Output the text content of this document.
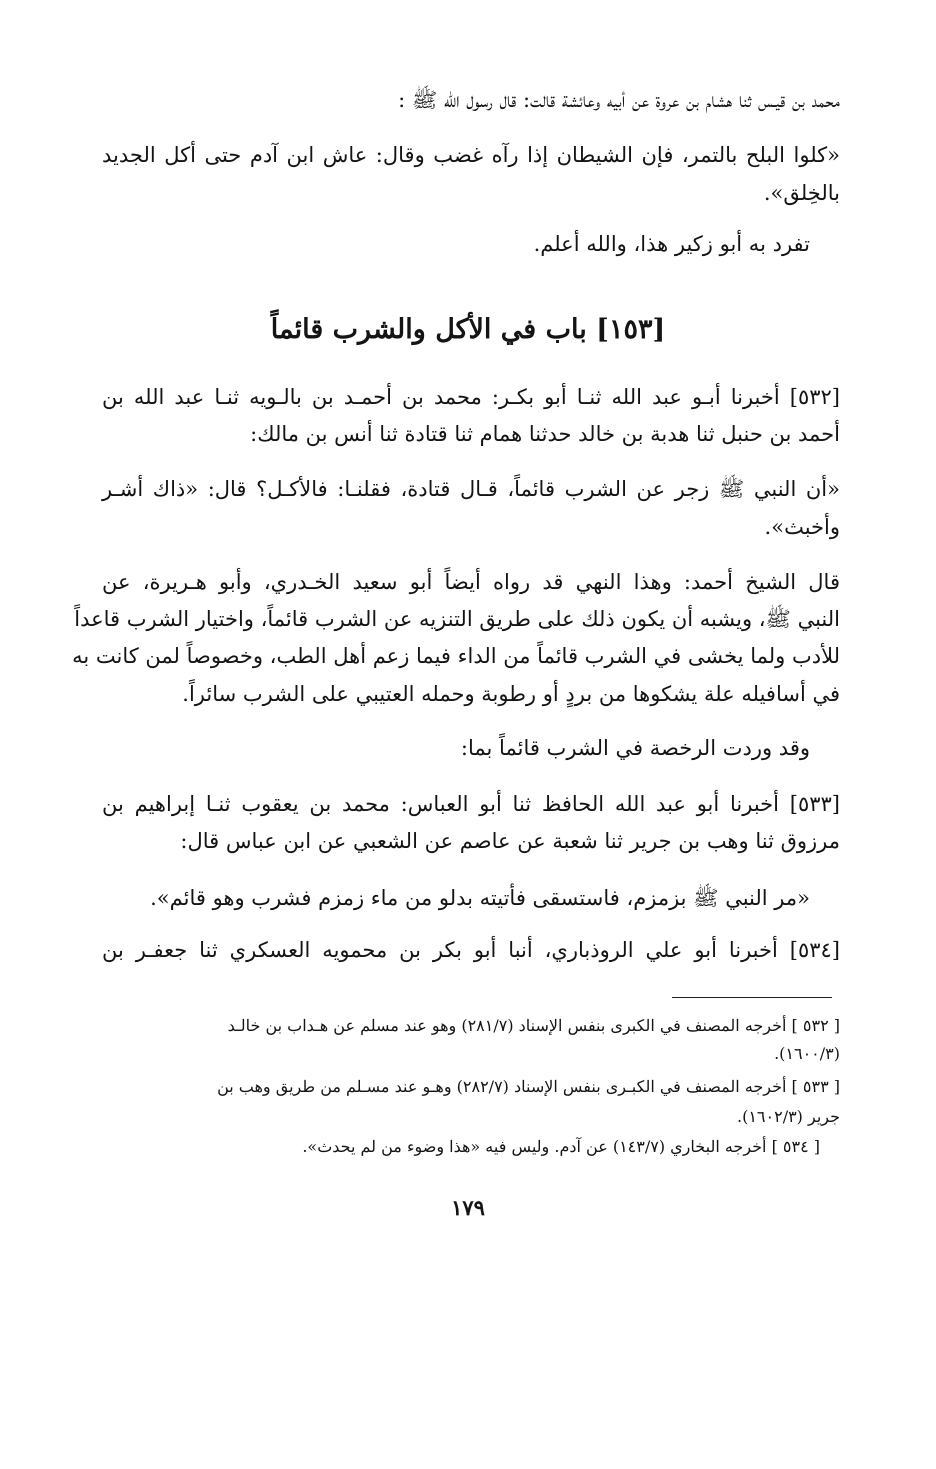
محمد بن قيـس ثنا هشام بن عروة عن أبيه وعائشة قالت: قال رسول الله ﷺ :
«كلوا البلح بالتمر، فإن الشيطان إذا رآه غضب وقال: عاش ابن آدم حتى أكل الجديد
بالخِلق».
تفرد به أبو زكير هذا، والله أعلم.
[١٥٣] باب في الأكل والشرب قائماً
[٥٣٢] أخبرنا أبـو عبد الله ثنـا أبو بكـر: محمد بن أحمـد بن بالـويه ثنـا عبد الله بن
أحمد بن حنبل ثنا هدبة بن خالد حدثنا همام ثنا قتادة ثنا أنس بن مالك:
«أن النبي ﷺ زجر عن الشرب قائماً، قـال قتادة، فقلنـا: فالأكـل؟ قال: «ذاك أشـر
وأخبث».
قال الشيخ أحمد: وهذا النهي قد رواه أيضاً أبو سعيد الخـدري، وأبو هـريرة، عن
النبي ﷺ، ويشبه أن يكون ذلك على طريق التنزيه عن الشرب قائماً، واختيار الشرب قاعداً
للأدب ولما يخشى في الشرب قائماً من الداء فيما زعم أهل الطب، وخصوصاً لمن كانت به
في أسافيله علة يشكوها من بردٍ أو رطوبة وحمله العتيبي على الشرب سائراً.
وقد وردت الرخصة في الشرب قائماً بما:
[٥٣٣] أخبرنا أبو عبد الله الحافظ ثنا أبو العباس: محمد بن يعقوب ثنـا إبراهيم بن
مرزوق ثنا وهب بن جرير ثنا شعبة عن عاصم عن الشعبي عن ابن عباس قال:
«مر النبي ﷺ بزمزم، فاستسقى فأتيته بدلو من ماء زمزم فشرب وهو قائم».
[٥٣٤] أخبرنا أبو علي الروذباري، أنبا أبو بكر بن محمويه العسكري ثنا جعفـر بن
[ ٥٣٢ ] أخرجه المصنف في الكبرى بنفس الإسناد (٢٨١/٧) وهو عند مسلم عن هـداب بن خالـد
(١٦٠٠/٣).
[ ٥٣٣ ] أخرجه المصنف في الكبـرى بنفس الإسناد (٢٨٢/٧) وهـو عند مسـلم من طريق وهب بن
جرير (١٦٠٢/٣).
[ ٥٣٤ ] أخرجه البخاري (١٤٣/٧) عن آدم. وليس فيه «هذا وضوء من لم يحدث».
١٧٩
